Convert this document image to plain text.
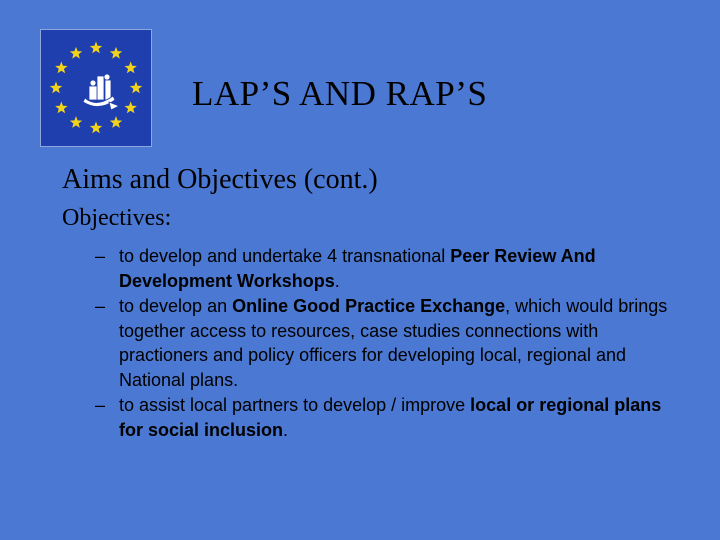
LAP’S AND RAP’S
Aims and Objectives (cont.)
Objectives:
– to develop and undertake 4 transnational Peer Review And Development Workshops.
– to develop an Online Good Practice Exchange, which would brings together access to resources, case studies connections with practioners and policy officers for developing local, regional and National plans.
– to assist local partners to develop / improve local or regional plans for social inclusion.
